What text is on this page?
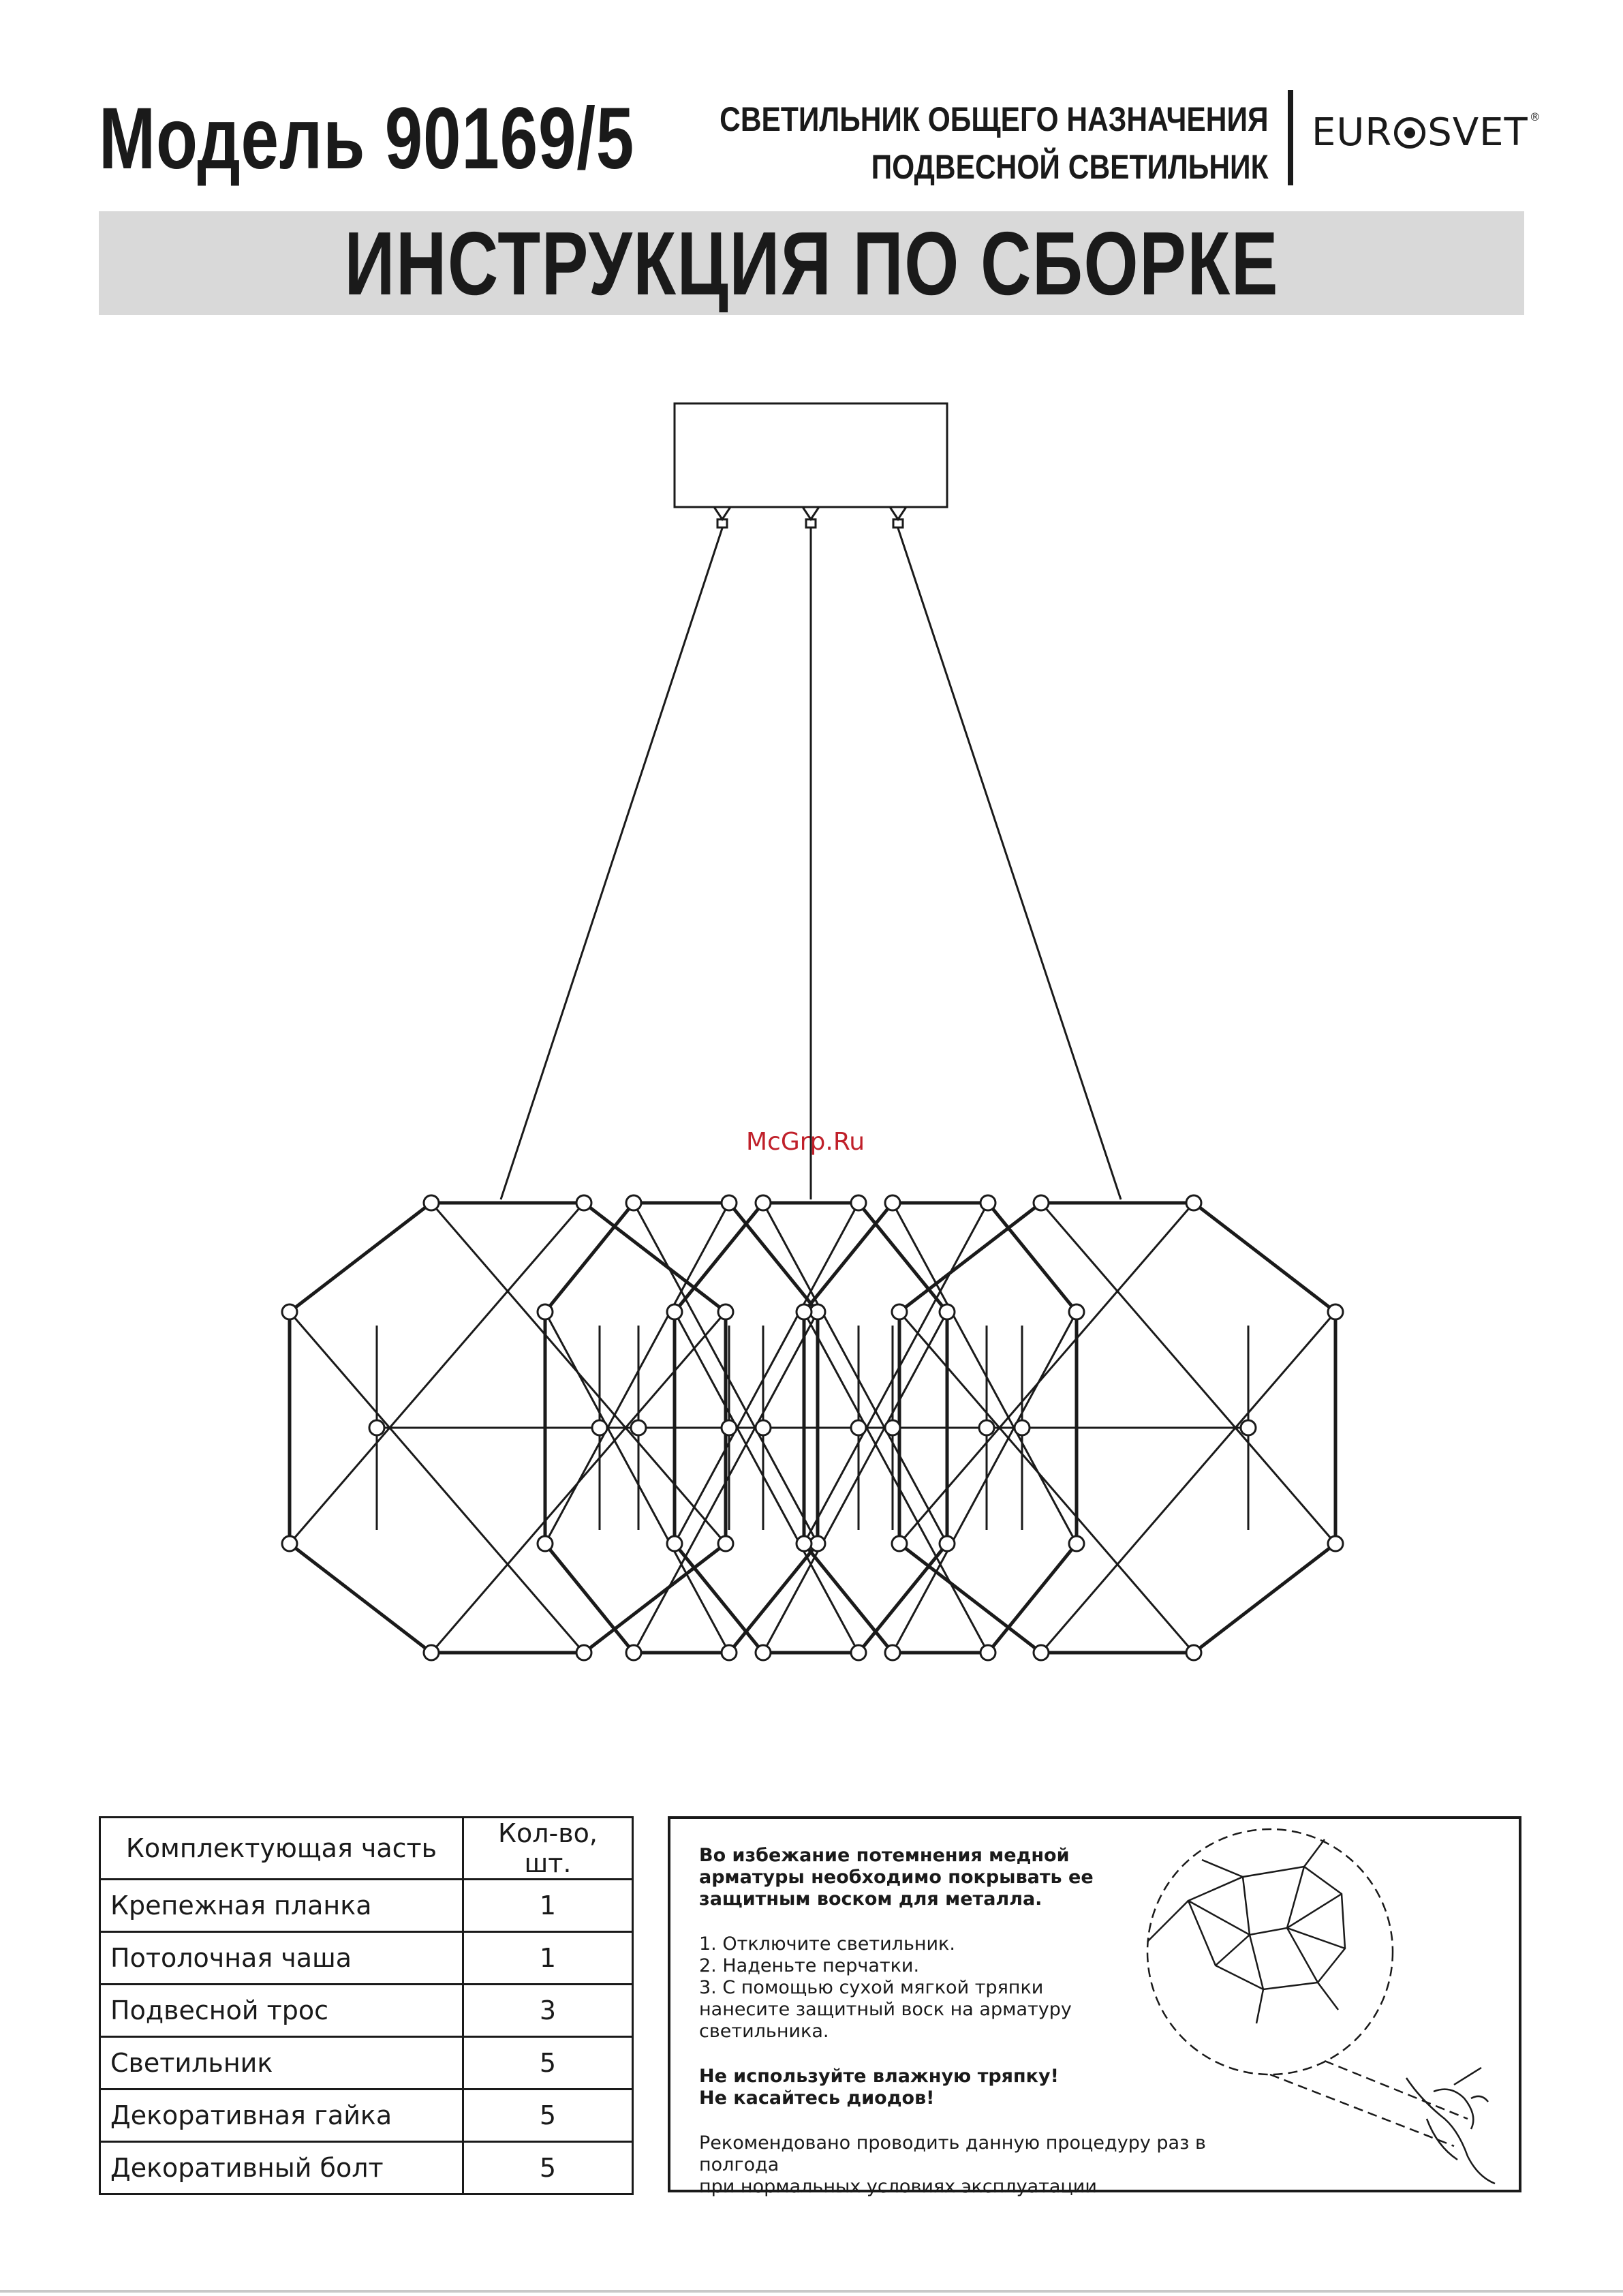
Модель 90169/5	СВЕТИЛЬНИК ОБЩЕГО НАЗНАЧЕНИЯ
ПОДВЕСНОЙ СВЕТИЛЬНИК
EUR SVET®
ИНСТРУКЦИЯ ПО СБОРКЕ
McGrp.Ru
Комплектующая часть	Кол-во, шт.
Крепежная планка	1
Потолочная чаша	1
Подвесной трос	3
Светильник	5
Декоративная гайка	5
Декоративный болт	5

Во избежание потемнения медной
арматуры необходимо покрывать ее
защитным воском для металла.

1. Отключите светильник.
2. Наденьте перчатки.
3. С помощью сухой мягкой тряпки
нанесите защитный воск на арматуру
светильника.

Не используйте влажную тряпку!
Не касайтесь диодов!

Рекомендовано проводить данную процедуру раз в полгода
при нормальных условиях эксплуатации.
